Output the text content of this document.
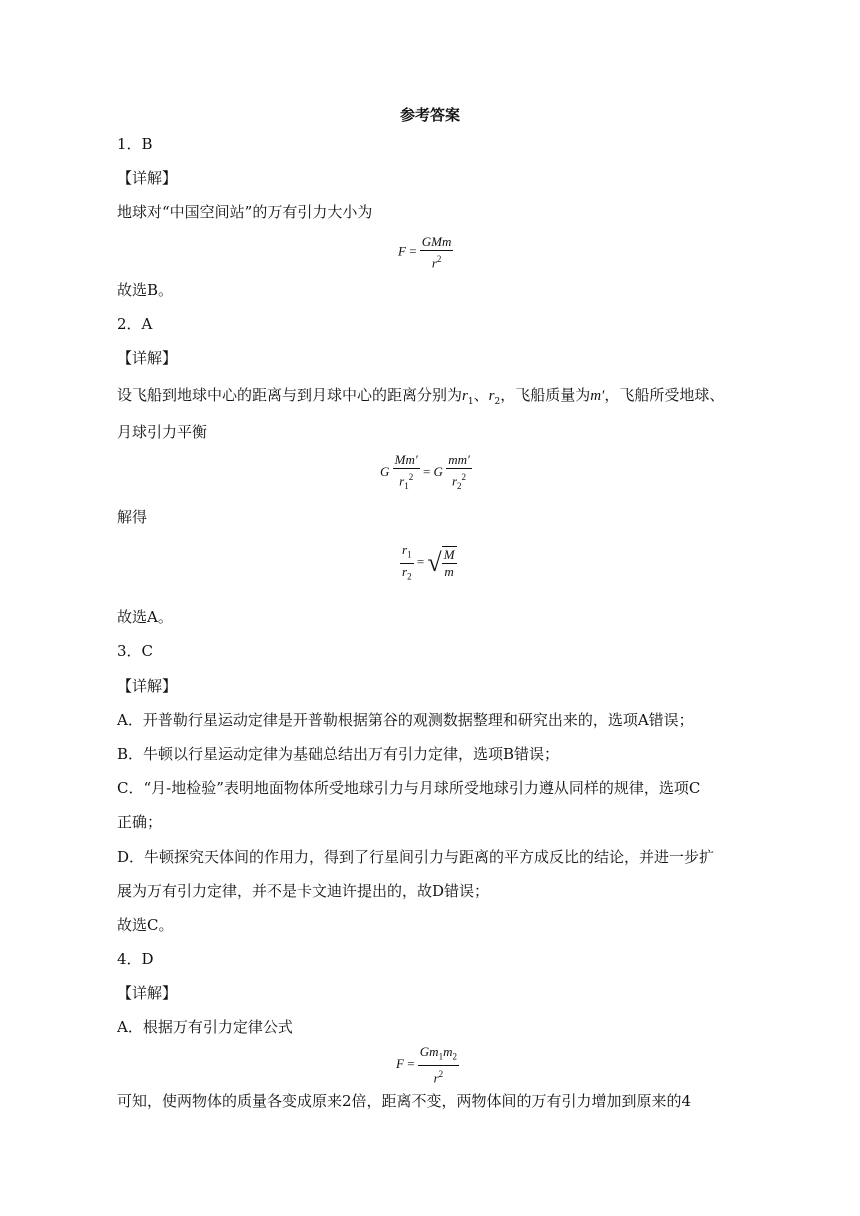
参考答案
1．B
【详解】
地球对“中国空间站”的万有引力大小为
$F = \frac{\text{GMm}}{r^2}$
故选B。
2．A
【详解】
设飞船到地球中心的距离与到月球中心的距离分别为$r_1$、$r_2$，飞船质量为m′，飞船所受地球、
月球引力平衡
G $\frac{Mm'}{r_1^2} = G \frac{mm'}{r_2^2}$
解得
$\frac{r_1}{r_2}$ = √ $\frac{M}{m}$
故选A。
3．C
【详解】
A．开普勒行星运动定律是开普勒根据第谷的观测数据整理和研究出来的，选项A错误；
B．牛顿以行星运动定律为基础总结出万有引力定律，选项B错误；
C．“月-地检验”表明地面物体所受地球引力与月球所受地球引力遵从同样的规律，选项C
正确；
D．牛顿探究天体间的作用力，得到了行星间引力与距离的平方成反比的结论，并进一步扩
展为万有引力定律，并不是卡文迪许提出的，故D错误；
故选C。
4．D
【详解】
A．根据万有引力定律公式
$F = \frac{Gm_1m_2}{r^2}$
可知，使两物体的质量各变成原来2倍，距离不变，两物体间的万有引力增加到原来的4
